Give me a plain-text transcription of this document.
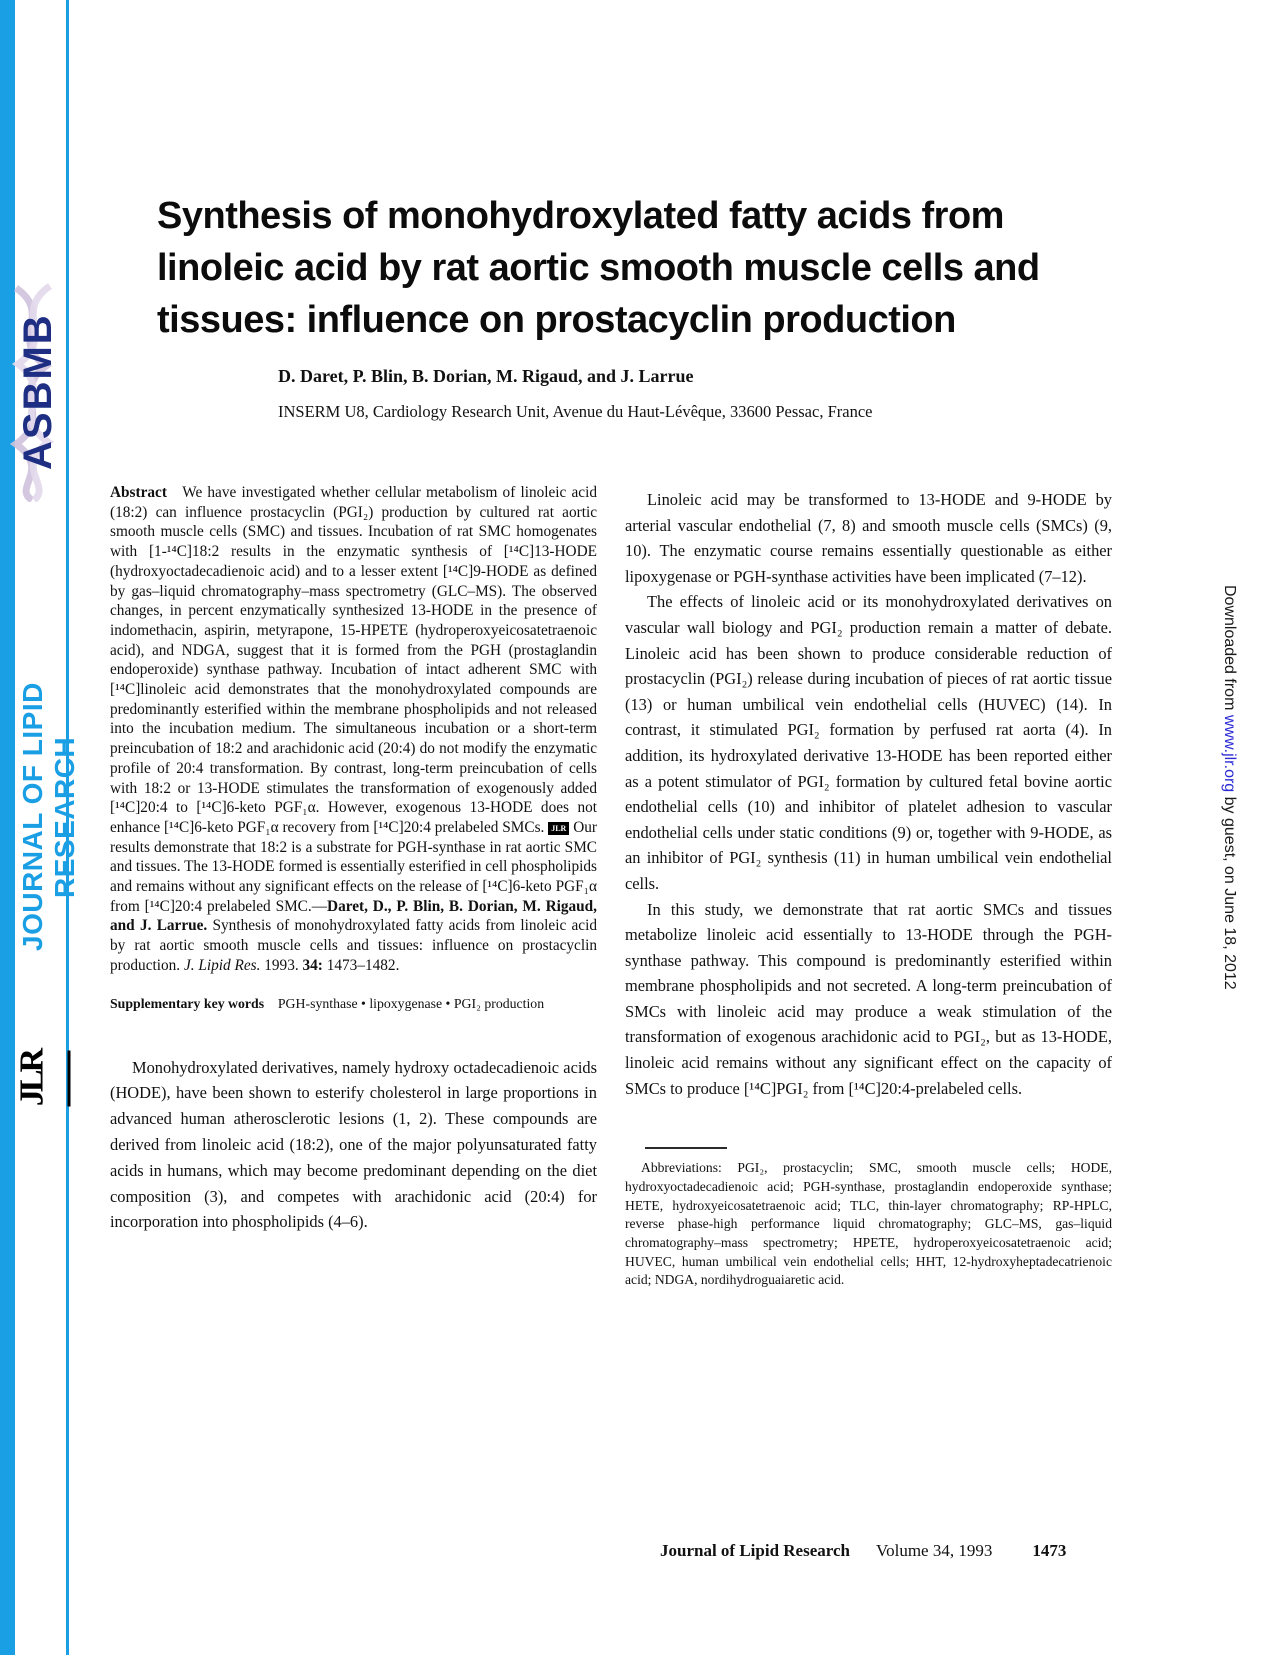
ASBMB
JOURNAL OF LIPID RESEARCH
JLR
Downloaded from www.jlr.org by guest, on June 18, 2012
Synthesis of monohydroxylated fatty acids from
linoleic acid by rat aortic smooth muscle cells and
tissues: influence on prostacyclin production
D. Daret, P. Blin, B. Dorian, M. Rigaud, and J. Larrue
INSERM U8, Cardiology Research Unit, Avenue du Haut-Lévêque, 33600 Pessac, France
Abstract  We have investigated whether cellular metabolism of linoleic acid (18:2) can influence prostacyclin (PGI₂) production by cultured rat aortic smooth muscle cells (SMC) and tissues. Incubation of rat SMC homogenates with [1-¹⁴C]18:2 results in the enzymatic synthesis of [¹⁴C]13-HODE (hydroxyoctadecadienoic acid) and to a lesser extent [¹⁴C]9-HODE as defined by gas–liquid chromatography–mass spectrometry (GLC–MS). The observed changes, in percent enzymatically synthesized 13-HODE in the presence of indomethacin, aspirin, metyrapone, 15-HPETE (hydroperoxyeicosatetraenoic acid), and NDGA, suggest that it is formed from the PGH (prostaglandin endoperoxide) synthase pathway. Incubation of intact adherent SMC with [¹⁴C]linoleic acid demonstrates that the monohydroxylated compounds are predominantly esterified within the membrane phospholipids and not released into the incubation medium. The simultaneous incubation or a short-term preincubation of 18:2 and arachidonic acid (20:4) do not modify the enzymatic profile of 20:4 transformation. By contrast, long-term preincubation of cells with 18:2 or 13-HODE stimulates the transformation of exogenously added [¹⁴C]20:4 to [¹⁴C]6-keto PGF₁α. However, exogenous 13-HODE does not enhance [¹⁴C]6-keto PGF₁α recovery from [¹⁴C]20:4 prelabeled SMCs. JLR Our results demonstrate that 18:2 is a substrate for PGH-synthase in rat aortic SMC and tissues. The 13-HODE formed is essentially esterified in cell phospholipids and remains without any significant effects on the release of [¹⁴C]6-keto PGF₁α from [¹⁴C]20:4 prelabeled SMC.—Daret, D., P. Blin, B. Dorian, M. Rigaud, and J. Larrue. Synthesis of monohydroxylated fatty acids from linoleic acid by rat aortic smooth muscle cells and tissues: influence on prostacyclin production. J. Lipid Res. 1993. 34: 1473–1482.
Supplementary key words  PGH-synthase • lipoxygenase • PGI₂ production
Monohydroxylated derivatives, namely hydroxy octadecadienoic acids (HODE), have been shown to esterify cholesterol in large proportions in advanced human atherosclerotic lesions (1, 2). These compounds are derived from linoleic acid (18:2), one of the major polyunsaturated fatty acids in humans, which may become predominant depending on the diet composition (3), and competes with arachidonic acid (20:4) for incorporation into phospholipids (4–6).

Linoleic acid may be transformed to 13-HODE and 9-HODE by arterial vascular endothelial (7, 8) and smooth muscle cells (SMCs) (9, 10). The enzymatic course remains essentially questionable as either lipoxygenase or PGH-synthase activities have been implicated (7–12).

The effects of linoleic acid or its monohydroxylated derivatives on vascular wall biology and PGI₂ production remain a matter of debate. Linoleic acid has been shown to produce considerable reduction of prostacyclin (PGI₂) release during incubation of pieces of rat aortic tissue (13) or human umbilical vein endothelial cells (HUVEC) (14). In contrast, it stimulated PGI₂ formation by perfused rat aorta (4). In addition, its hydroxylated derivative 13-HODE has been reported either as a potent stimulator of PGI₂ formation by cultured fetal bovine aortic endothelial cells (10) and inhibitor of platelet adhesion to vascular endothelial cells under static conditions (9) or, together with 9-HODE, as an inhibitor of PGI₂ synthesis (11) in human umbilical vein endothelial cells.

In this study, we demonstrate that rat aortic SMCs and tissues metabolize linoleic acid essentially to 13-HODE through the PGH-synthase pathway. This compound is predominantly esterified within membrane phospholipids and not secreted. A long-term preincubation of SMCs with linoleic acid may produce a weak stimulation of the transformation of exogenous arachidonic acid to PGI₂, but as 13-HODE, linoleic acid remains without any significant effect on the capacity of SMCs to produce [¹⁴C]PGI₂ from [¹⁴C]20:4-prelabeled cells.

Abbreviations: PGI₂, prostacyclin; SMC, smooth muscle cells; HODE, hydroxyoctadecadienoic acid; PGH-synthase, prostaglandin endoperoxide synthase; HETE, hydroxyeicosatetraenoic acid; TLC, thin-layer chromatography; RP-HPLC, reverse phase-high performance liquid chromatography; GLC–MS, gas–liquid chromatography–mass spectrometry; HPETE, hydroperoxyeicosatetraenoic acid; HUVEC, human umbilical vein endothelial cells; HHT, 12-hydroxyheptadecatrienoic acid; NDGA, nordihydroguaiaretic acid.
Journal of Lipid Research Volume 34, 1993 1473
